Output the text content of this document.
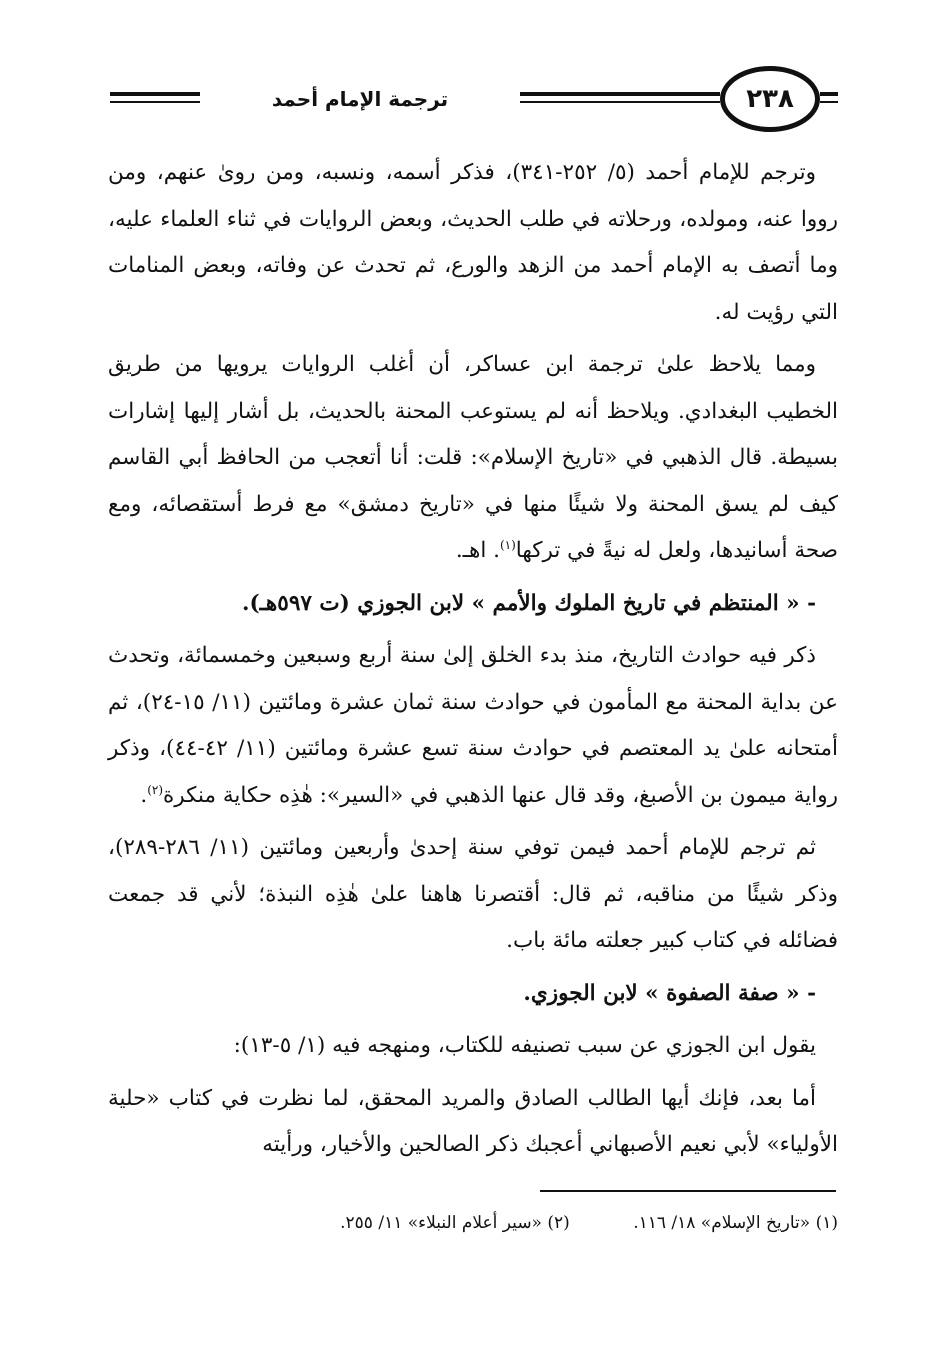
٢٣٨
ترجمة الإمام أحمد

وترجم للإمام أحمد (٥/ ٢٥٢-٣٤١)، فذكر أسمه، ونسبه، ومن روىٰ عنهم، ومن رووا عنه، ومولده، ورحلاته في طلب الحديث، وبعض الروايات في ثناء العلماء عليه، وما أتصف به الإمام أحمد من الزهد والورع، ثم تحدث عن وفاته، وبعض المنامات التي رؤيت له.

ومما يلاحظ علىٰ ترجمة ابن عساكر، أن أغلب الروايات يرويها من طريق الخطيب البغدادي. ويلاحظ أنه لم يستوعب المحنة بالحديث، بل أشار إليها إشارات بسيطة. قال الذهبي في «تاريخ الإسلام»: قلت: أنا أتعجب من الحافظ أبي القاسم كيف لم يسق المحنة ولا شيئًا منها في «تاريخ دمشق» مع فرط أستقصائه، ومع صحة أسانيدها، ولعل له نيةً في تركها$^{(١)}$. اهـ.

- « المنتظم في تاريخ الملوك والأمم » لابن الجوزي (ت ٥٩٧هـ).

ذكر فيه حوادث التاريخ، منذ بدء الخلق إلىٰ سنة أربع وسبعين وخمسمائة، وتحدث عن بداية المحنة مع المأمون في حوادث سنة ثمان عشرة ومائتين (١١/ ١٥-٢٤)، ثم أمتحانه علىٰ يد المعتصم في حوادث سنة تسع عشرة ومائتين (١١/ ٤٢-٤٤)، وذكر رواية ميمون بن الأصبغ، وقد قال عنها الذهبي في «السير»: هٰذِه حكاية منكرة$^{(٢)}$.

ثم ترجم للإمام أحمد فيمن توفي سنة إحدىٰ وأربعين ومائتين (١١/ ٢٨٦-٢٨٩)، وذكر شيئًا من مناقبه، ثم قال: أقتصرنا هاهنا علىٰ هٰذِه النبذة؛ لأني قد جمعت فضائله في كتاب كبير جعلته مائة باب.

- « صفة الصفوة » لابن الجوزي.

يقول ابن الجوزي عن سبب تصنيفه للكتاب، ومنهجه فيه (١/ ٥-١٣):

أما بعد، فإنك أيها الطالب الصادق والمريد المحقق، لما نظرت في كتاب «حلية الأولياء» لأبي نعيم الأصبهاني أعجبك ذكر الصالحين والأخيار، ورأيته

(١) «تاريخ الإسلام» ١٨/ ١١٦. (٢) «سير أعلام النبلاء» ١١/ ٢٥٥.
